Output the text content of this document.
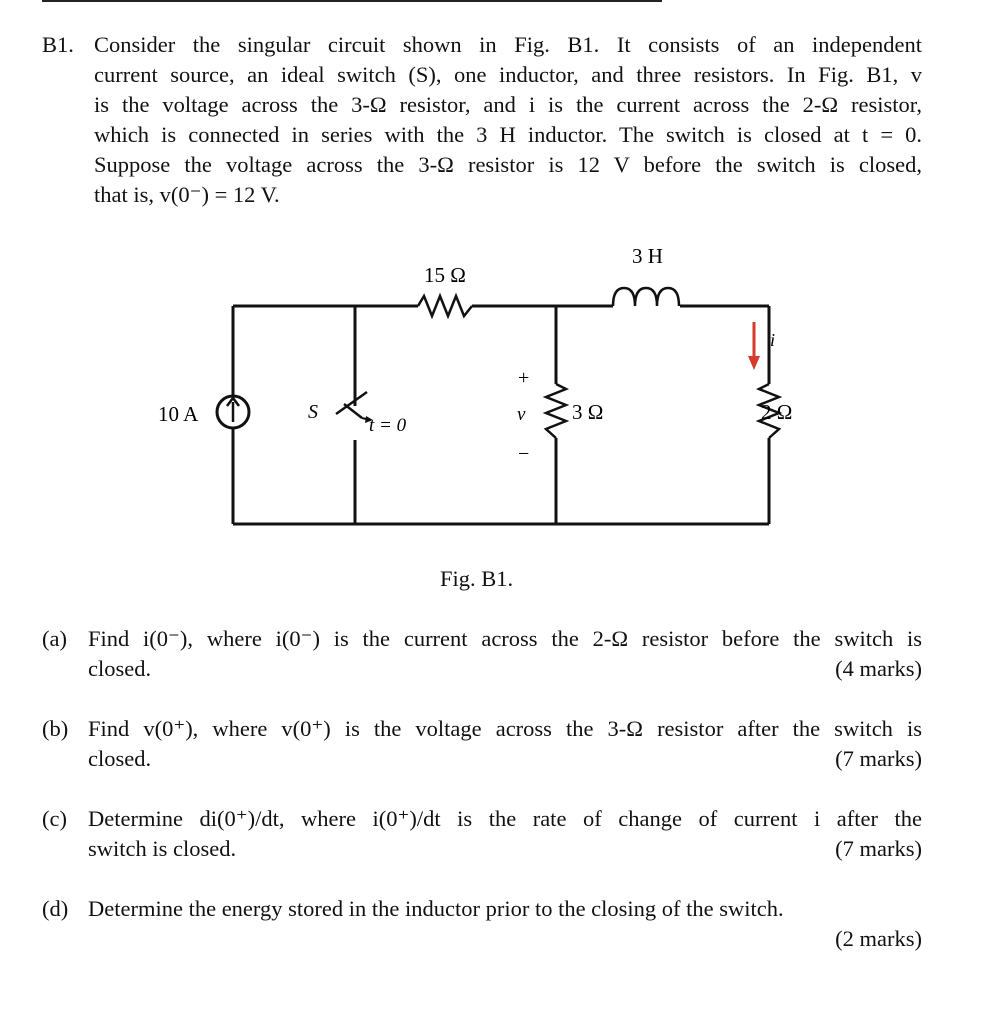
B1. Consider the singular circuit shown in Fig. B1. It consists of an independent
current source, an ideal switch (S), one inductor, and three resistors. In Fig. B1, v
is the voltage across the 3-Ω resistor, and i is the current across the 2-Ω resistor,
which is connected in series with the 3 H inductor. The switch is closed at t = 0.
Suppose the voltage across the 3-Ω resistor is 12 V before the switch is closed,
that is, v(0⁻) = 12 V.
10 A	S
t = 0
15 Ω
3 H
3 Ω	2 Ω
+
v
−
i
Fig. B1.
(a) Find i(0⁻), where i(0⁻) is the current across the 2-Ω resistor before the switch is
closed.	(4 marks)
(b) Find v(0⁺), where v(0⁺) is the voltage across the 3-Ω resistor after the switch is
closed.	(7 marks)
(c) Determine di(0⁺)/dt, where i(0⁺)/dt is the rate of change of current i after the
switch is closed.	(7 marks)
(d) Determine the energy stored in the inductor prior to the closing of the switch.
(2 marks)
